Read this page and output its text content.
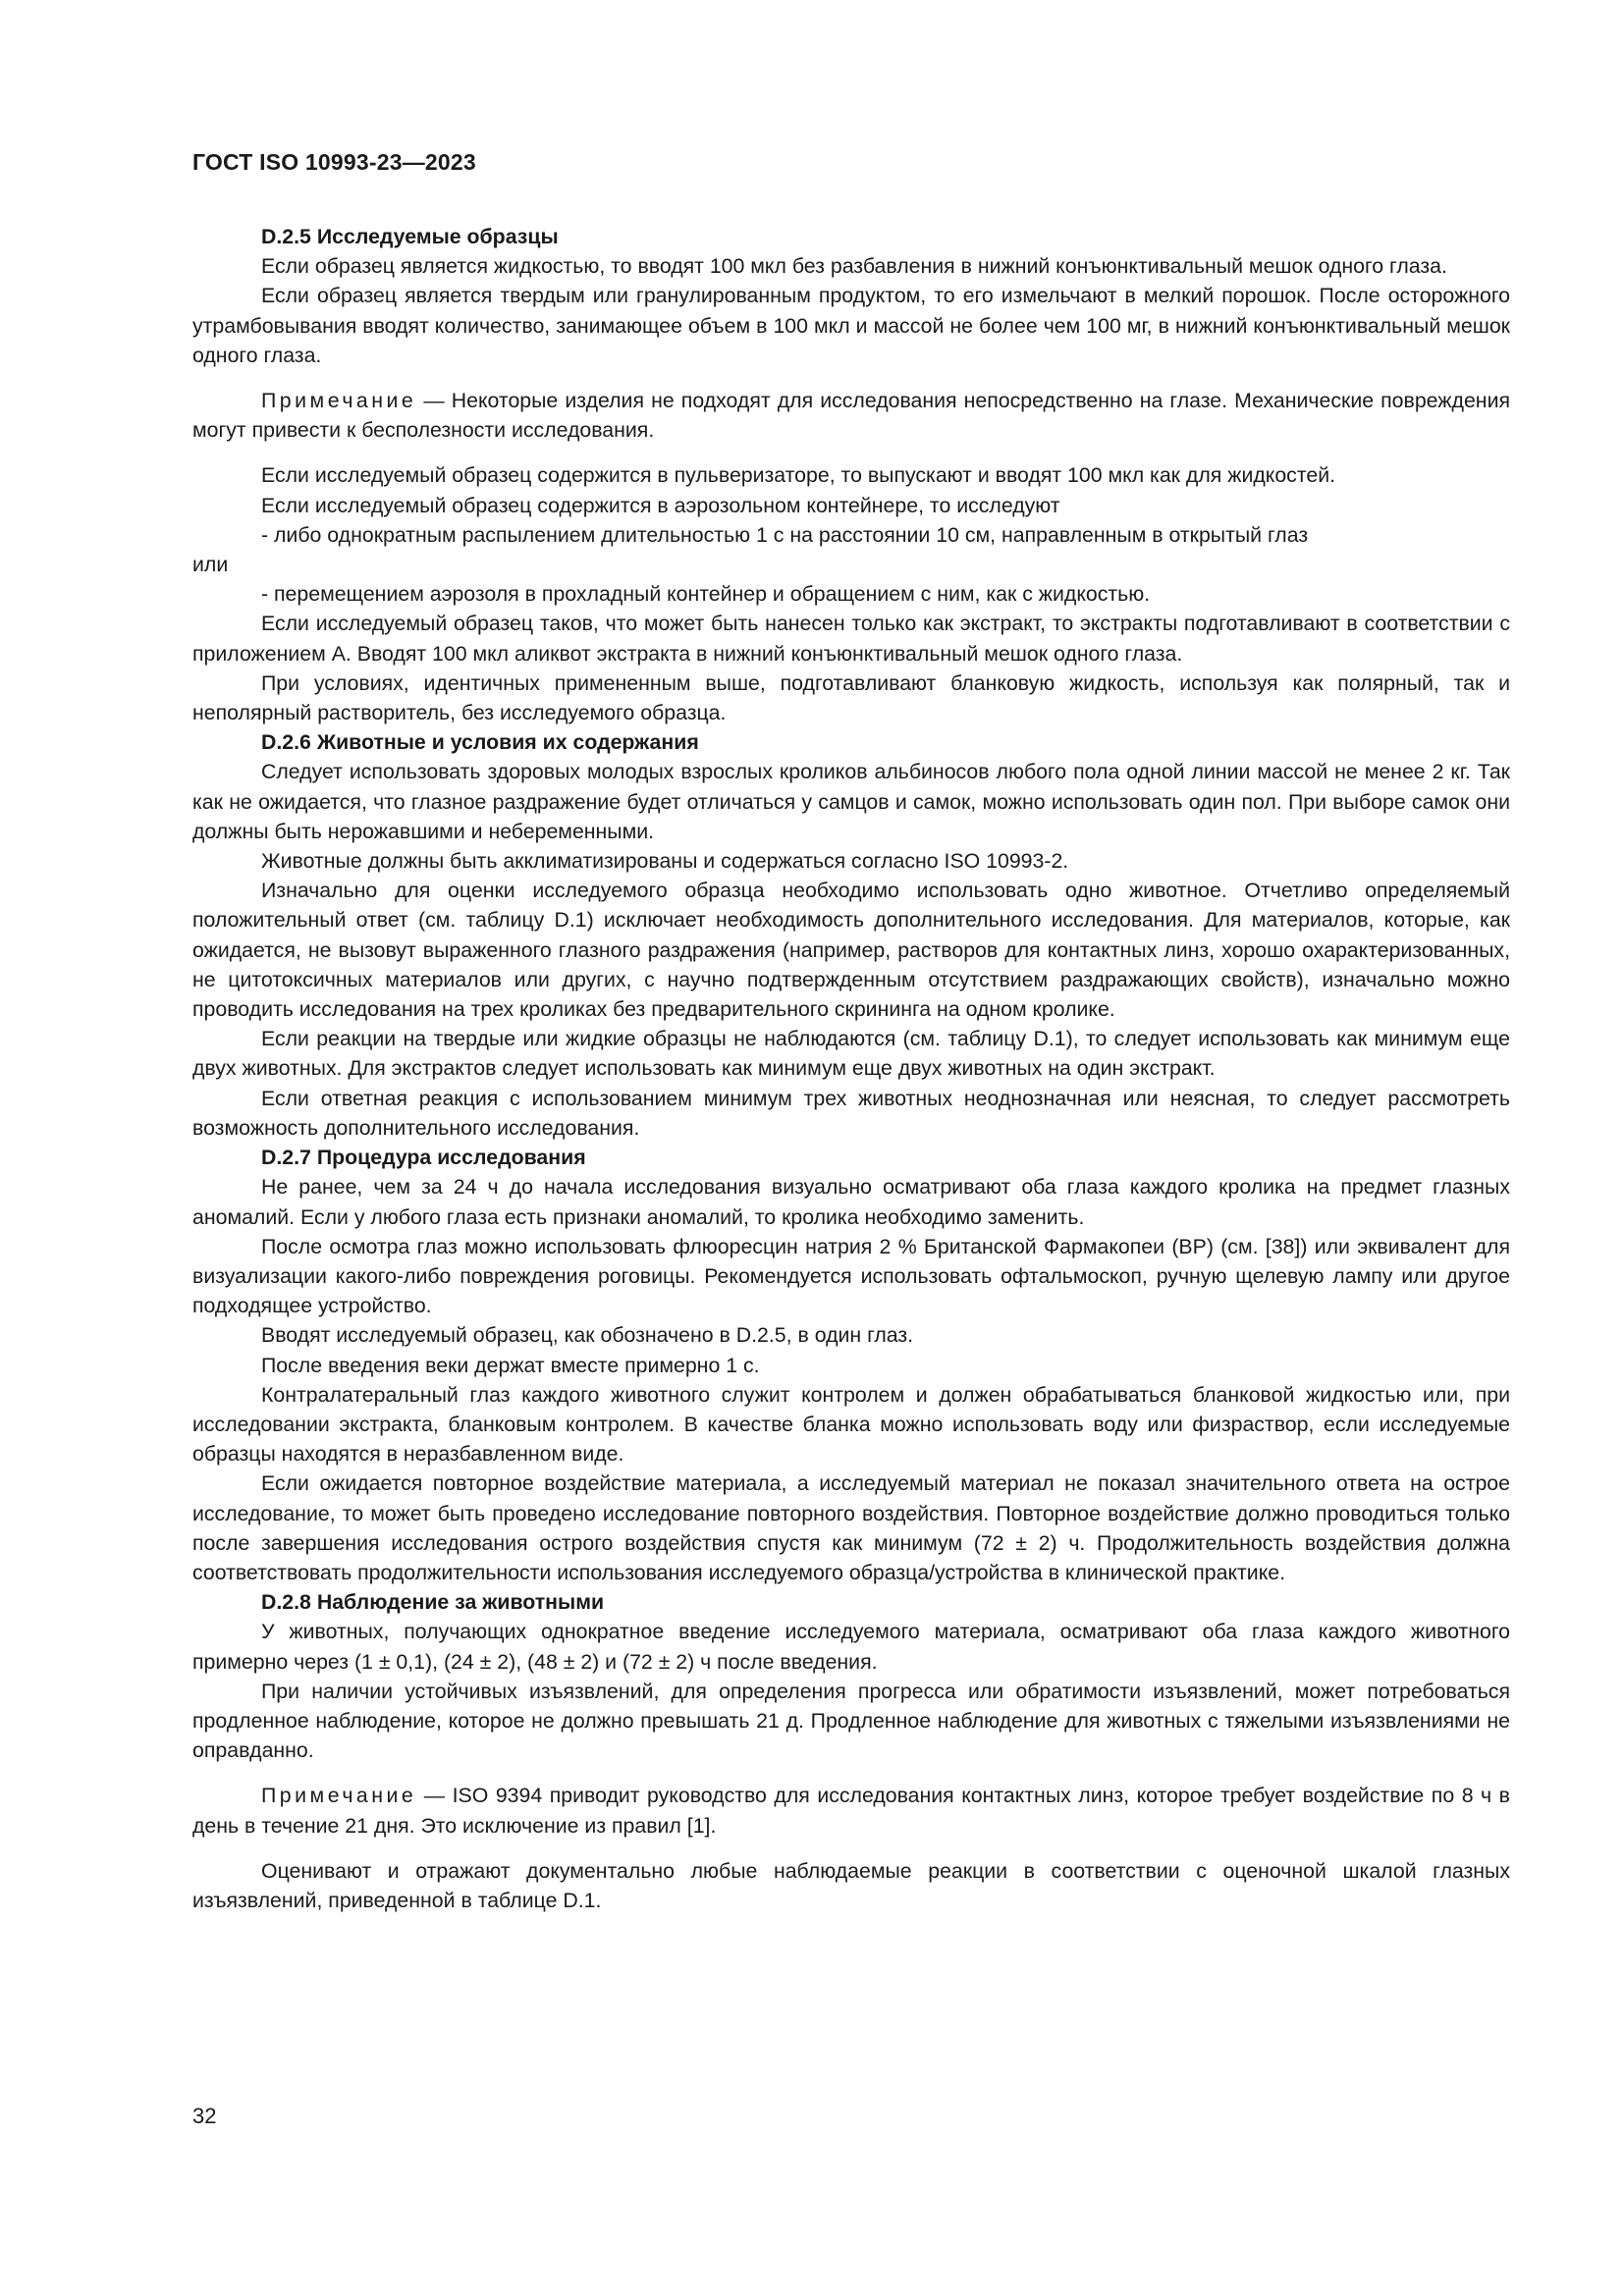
ГОСТ ISO 10993-23—2023
D.2.5 Исследуемые образцы

Если образец является жидкостью, то вводят 100 мкл без разбавления в нижний конъюнктивальный мешок одного глаза.

Если образец является твердым или гранулированным продуктом, то его измельчают в мелкий порошок. После осторожного утрамбовывания вводят количество, занимающее объем в 100 мкл и массой не более чем 100 мг, в нижний конъюнктивальный мешок одного глаза.

Примечание — Некоторые изделия не подходят для исследования непосредственно на глазе. Механические повреждения могут привести к бесполезности исследования.

Если исследуемый образец содержится в пульверизаторе, то выпускают и вводят 100 мкл как для жидкостей.

Если исследуемый образец содержится в аэрозольном контейнере, то исследуют

- либо однократным распылением длительностью 1 с на расстоянии 10 см, направленным в открытый глаз

или

- перемещением аэрозоля в прохладный контейнер и обращением с ним, как с жидкостью.

Если исследуемый образец таков, что может быть нанесен только как экстракт, то экстракты подготавливают в соответствии с приложением A. Вводят 100 мкл аликвот экстракта в нижний конъюнктивальный мешок одного глаза.

При условиях, идентичных примененным выше, подготавливают бланковую жидкость, используя как полярный, так и неполярный растворитель, без исследуемого образца.

D.2.6 Животные и условия их содержания

Следует использовать здоровых молодых взрослых кроликов альбиносов любого пола одной линии массой не менее 2 кг. Так как не ожидается, что глазное раздражение будет отличаться у самцов и самок, можно использовать один пол. При выборе самок они должны быть нерожавшими и небеременными.

Животные должны быть акклиматизированы и содержаться согласно ISO 10993-2.

Изначально для оценки исследуемого образца необходимо использовать одно животное. Отчетливо определяемый положительный ответ (см. таблицу D.1) исключает необходимость дополнительного исследования. Для материалов, которые, как ожидается, не вызовут выраженного глазного раздражения (например, растворов для контактных линз, хорошо охарактеризованных, не цитотоксичных материалов или других, с научно подтвержденным отсутствием раздражающих свойств), изначально можно проводить исследования на трех кроликах без предварительного скрининга на одном кролике.

Если реакции на твердые или жидкие образцы не наблюдаются (см. таблицу D.1), то следует использовать как минимум еще двух животных. Для экстрактов следует использовать как минимум еще двух животных на один экстракт.

Если ответная реакция с использованием минимум трех животных неоднозначная или неясная, то следует рассмотреть возможность дополнительного исследования.

D.2.7 Процедура исследования

Не ранее, чем за 24 ч до начала исследования визуально осматривают оба глаза каждого кролика на предмет глазных аномалий. Если у любого глаза есть признаки аномалий, то кролика необходимо заменить.

После осмотра глаз можно использовать флюоресцин натрия 2 % Британской Фармакопеи (BP) (см. [38]) или эквивалент для визуализации какого-либо повреждения роговицы. Рекомендуется использовать офтальмоскоп, ручную щелевую лампу или другое подходящее устройство.

Вводят исследуемый образец, как обозначено в D.2.5, в один глаз.

После введения веки держат вместе примерно 1 с.

Контралатеральный глаз каждого животного служит контролем и должен обрабатываться бланковой жидкостью или, при исследовании экстракта, бланковым контролем. В качестве бланка можно использовать воду или физраствор, если исследуемые образцы находятся в неразбавленном виде.

Если ожидается повторное воздействие материала, а исследуемый материал не показал значительного ответа на острое исследование, то может быть проведено исследование повторного воздействия. Повторное воздействие должно проводиться только после завершения исследования острого воздействия спустя как минимум (72 ± 2) ч. Продолжительность воздействия должна соответствовать продолжительности использования исследуемого образца/устройства в клинической практике.

D.2.8 Наблюдение за животными

У животных, получающих однократное введение исследуемого материала, осматривают оба глаза каждого животного примерно через (1 ± 0,1), (24 ± 2), (48 ± 2) и (72 ± 2) ч после введения.

При наличии устойчивых изъязвлений, для определения прогресса или обратимости изъязвлений, может потребоваться продленное наблюдение, которое не должно превышать 21 д. Продленное наблюдение для животных с тяжелыми изъязвлениями не оправданно.

Примечание — ISO 9394 приводит руководство для исследования контактных линз, которое требует воздействие по 8 ч в день в течение 21 дня. Это исключение из правил [1].

Оценивают и отражают документально любые наблюдаемые реакции в соответствии с оценочной шкалой глазных изъязвлений, приведенной в таблице D.1.

32
